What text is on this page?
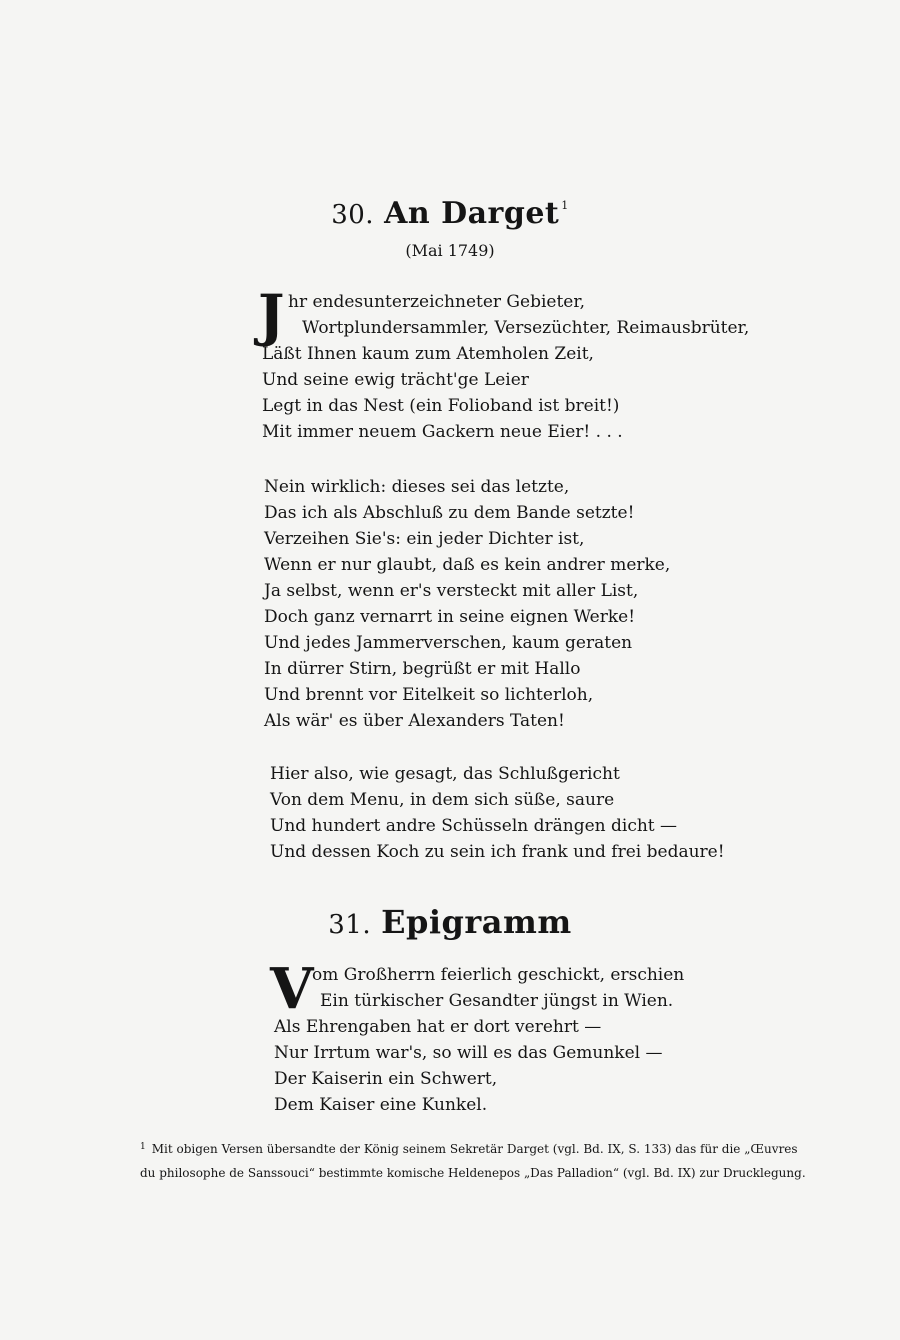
30. An Darget $^1$
(Mai 1749)
J hr endesunterzeichneter Gebieter,
Wortplundersammler, Versezüchter, Reimausbrüter,
Läßt Ihnen kaum zum Atemholen Zeit,
Und seine ewig trächt'ge Leier
Legt in das Nest (ein Folioband ist breit!)
Mit immer neuem Gackern neue Eier! . . .
Nein wirklich: dieses sei das letzte,
Das ich als Abschluß zu dem Bande setzte!
Verzeihen Sie's: ein jeder Dichter ist,
Wenn er nur glaubt, daß es kein andrer merke,
Ja selbst, wenn er's versteckt mit aller List,
Doch ganz vernarrt in seine eignen Werke!
Und jedes Jammerverschen, kaum geraten
In dürrer Stirn, begrüßt er mit Hallo
Und brennt vor Eitelkeit so lichterloh,
Als wär' es über Alexanders Taten!
Hier also, wie gesagt, das Schlußgericht
Von dem Menu, in dem sich süße, saure
Und hundert andre Schüsseln drängen dicht —
Und dessen Koch zu sein ich frank und frei bedaure!
31. Epigramm
V
om Großherrn feierlich geschickt, erschien
Ein türkischer Gesandter jüngst in Wien.
Als Ehrengaben hat er dort verehrt —
Nur Irrtum war's, so will es das Gemunkel —
Der Kaiserin ein Schwert,
Dem Kaiser eine Kunkel.
$^1$ Mit obigen Versen übersandte der König seinem Sekretär Darget (vgl. Bd. IX, S. 133) das für die „Œuvres du philosophe de Sanssouci“ bestimmte komische Heldenepos „Das Palladion“ (vgl. Bd. IX) zur Drucklegung.
